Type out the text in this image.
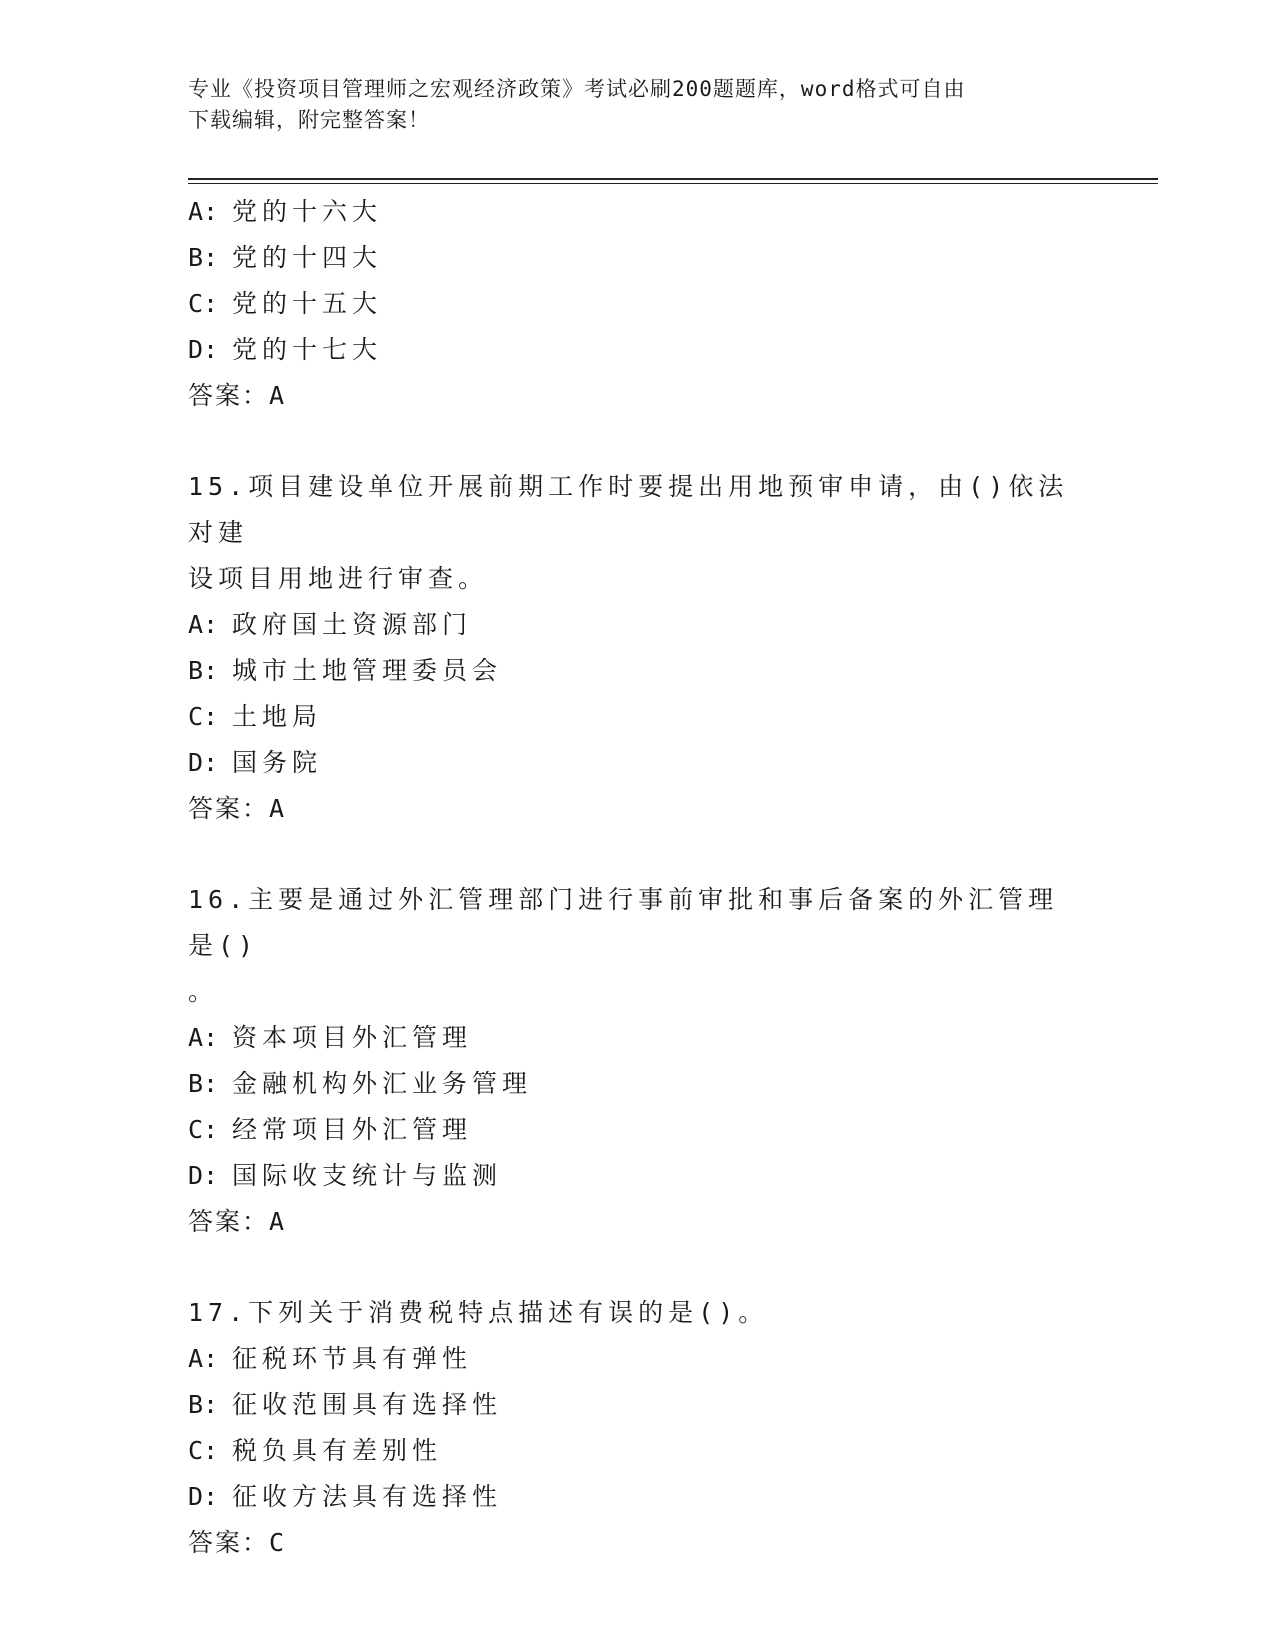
专业《投资项目管理师之宏观经济政策》考试必刷200题题库，word格式可自由
下载编辑，附完整答案！
A: 党的十六大
B: 党的十四大
C: 党的十五大
D: 党的十七大
答案：A
15.项目建设单位开展前期工作时要提出用地预审申请，由()依法对建
设项目用地进行审查。
A: 政府国土资源部门
B: 城市土地管理委员会
C: 土地局
D: 国务院
答案：A
16.主要是通过外汇管理部门进行事前审批和事后备案的外汇管理是()
。
A: 资本项目外汇管理
B: 金融机构外汇业务管理
C: 经常项目外汇管理
D: 国际收支统计与监测
答案：A
17.下列关于消费税特点描述有误的是()。
A: 征税环节具有弹性
B: 征收范围具有选择性
C: 税负具有差别性
D: 征收方法具有选择性
答案：C
